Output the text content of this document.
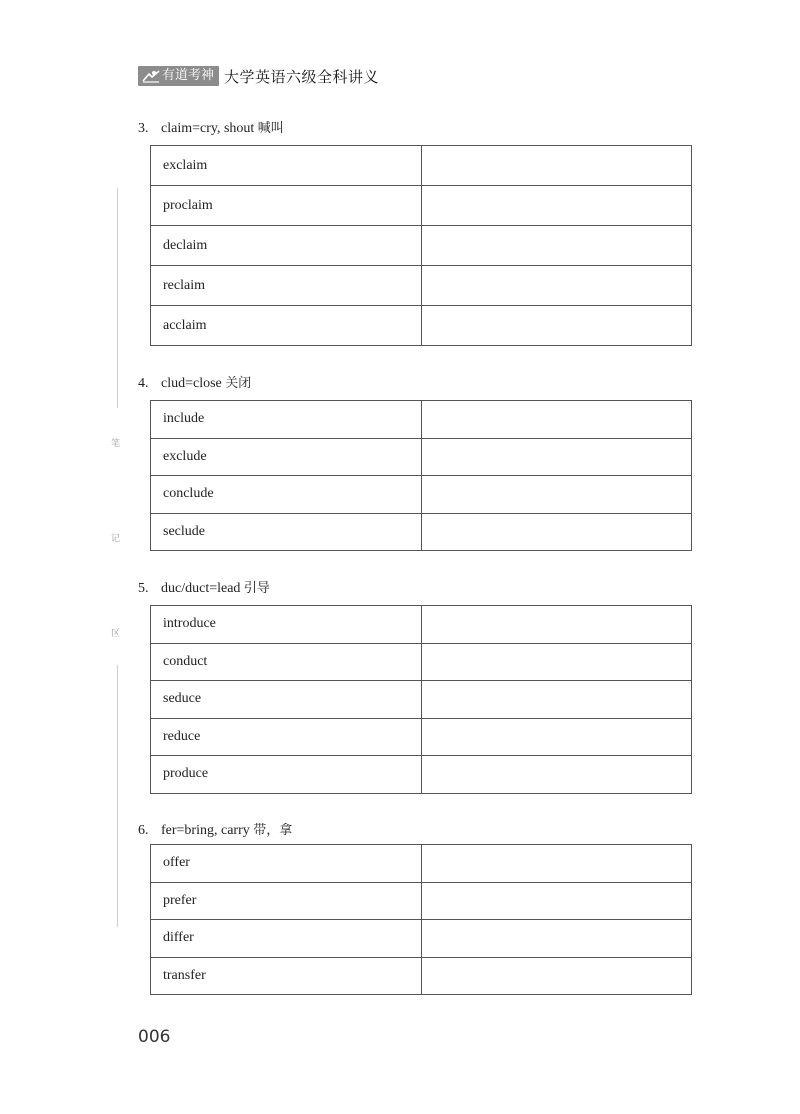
有道考神 大学英语六级全科讲义
笔
记
区
3. claim=cry, shout 喊叫
exclaim	
proclaim	
declaim	
reclaim	
acclaim	
4. clud=close 关闭
include	
exclude	
conclude	
seclude	
5. duc/duct=lead 引导
introduce	
conduct	
seduce	
reduce	
produce	
6. fer=bring, carry 带，拿
offer	
prefer	
differ	
transfer	
006
